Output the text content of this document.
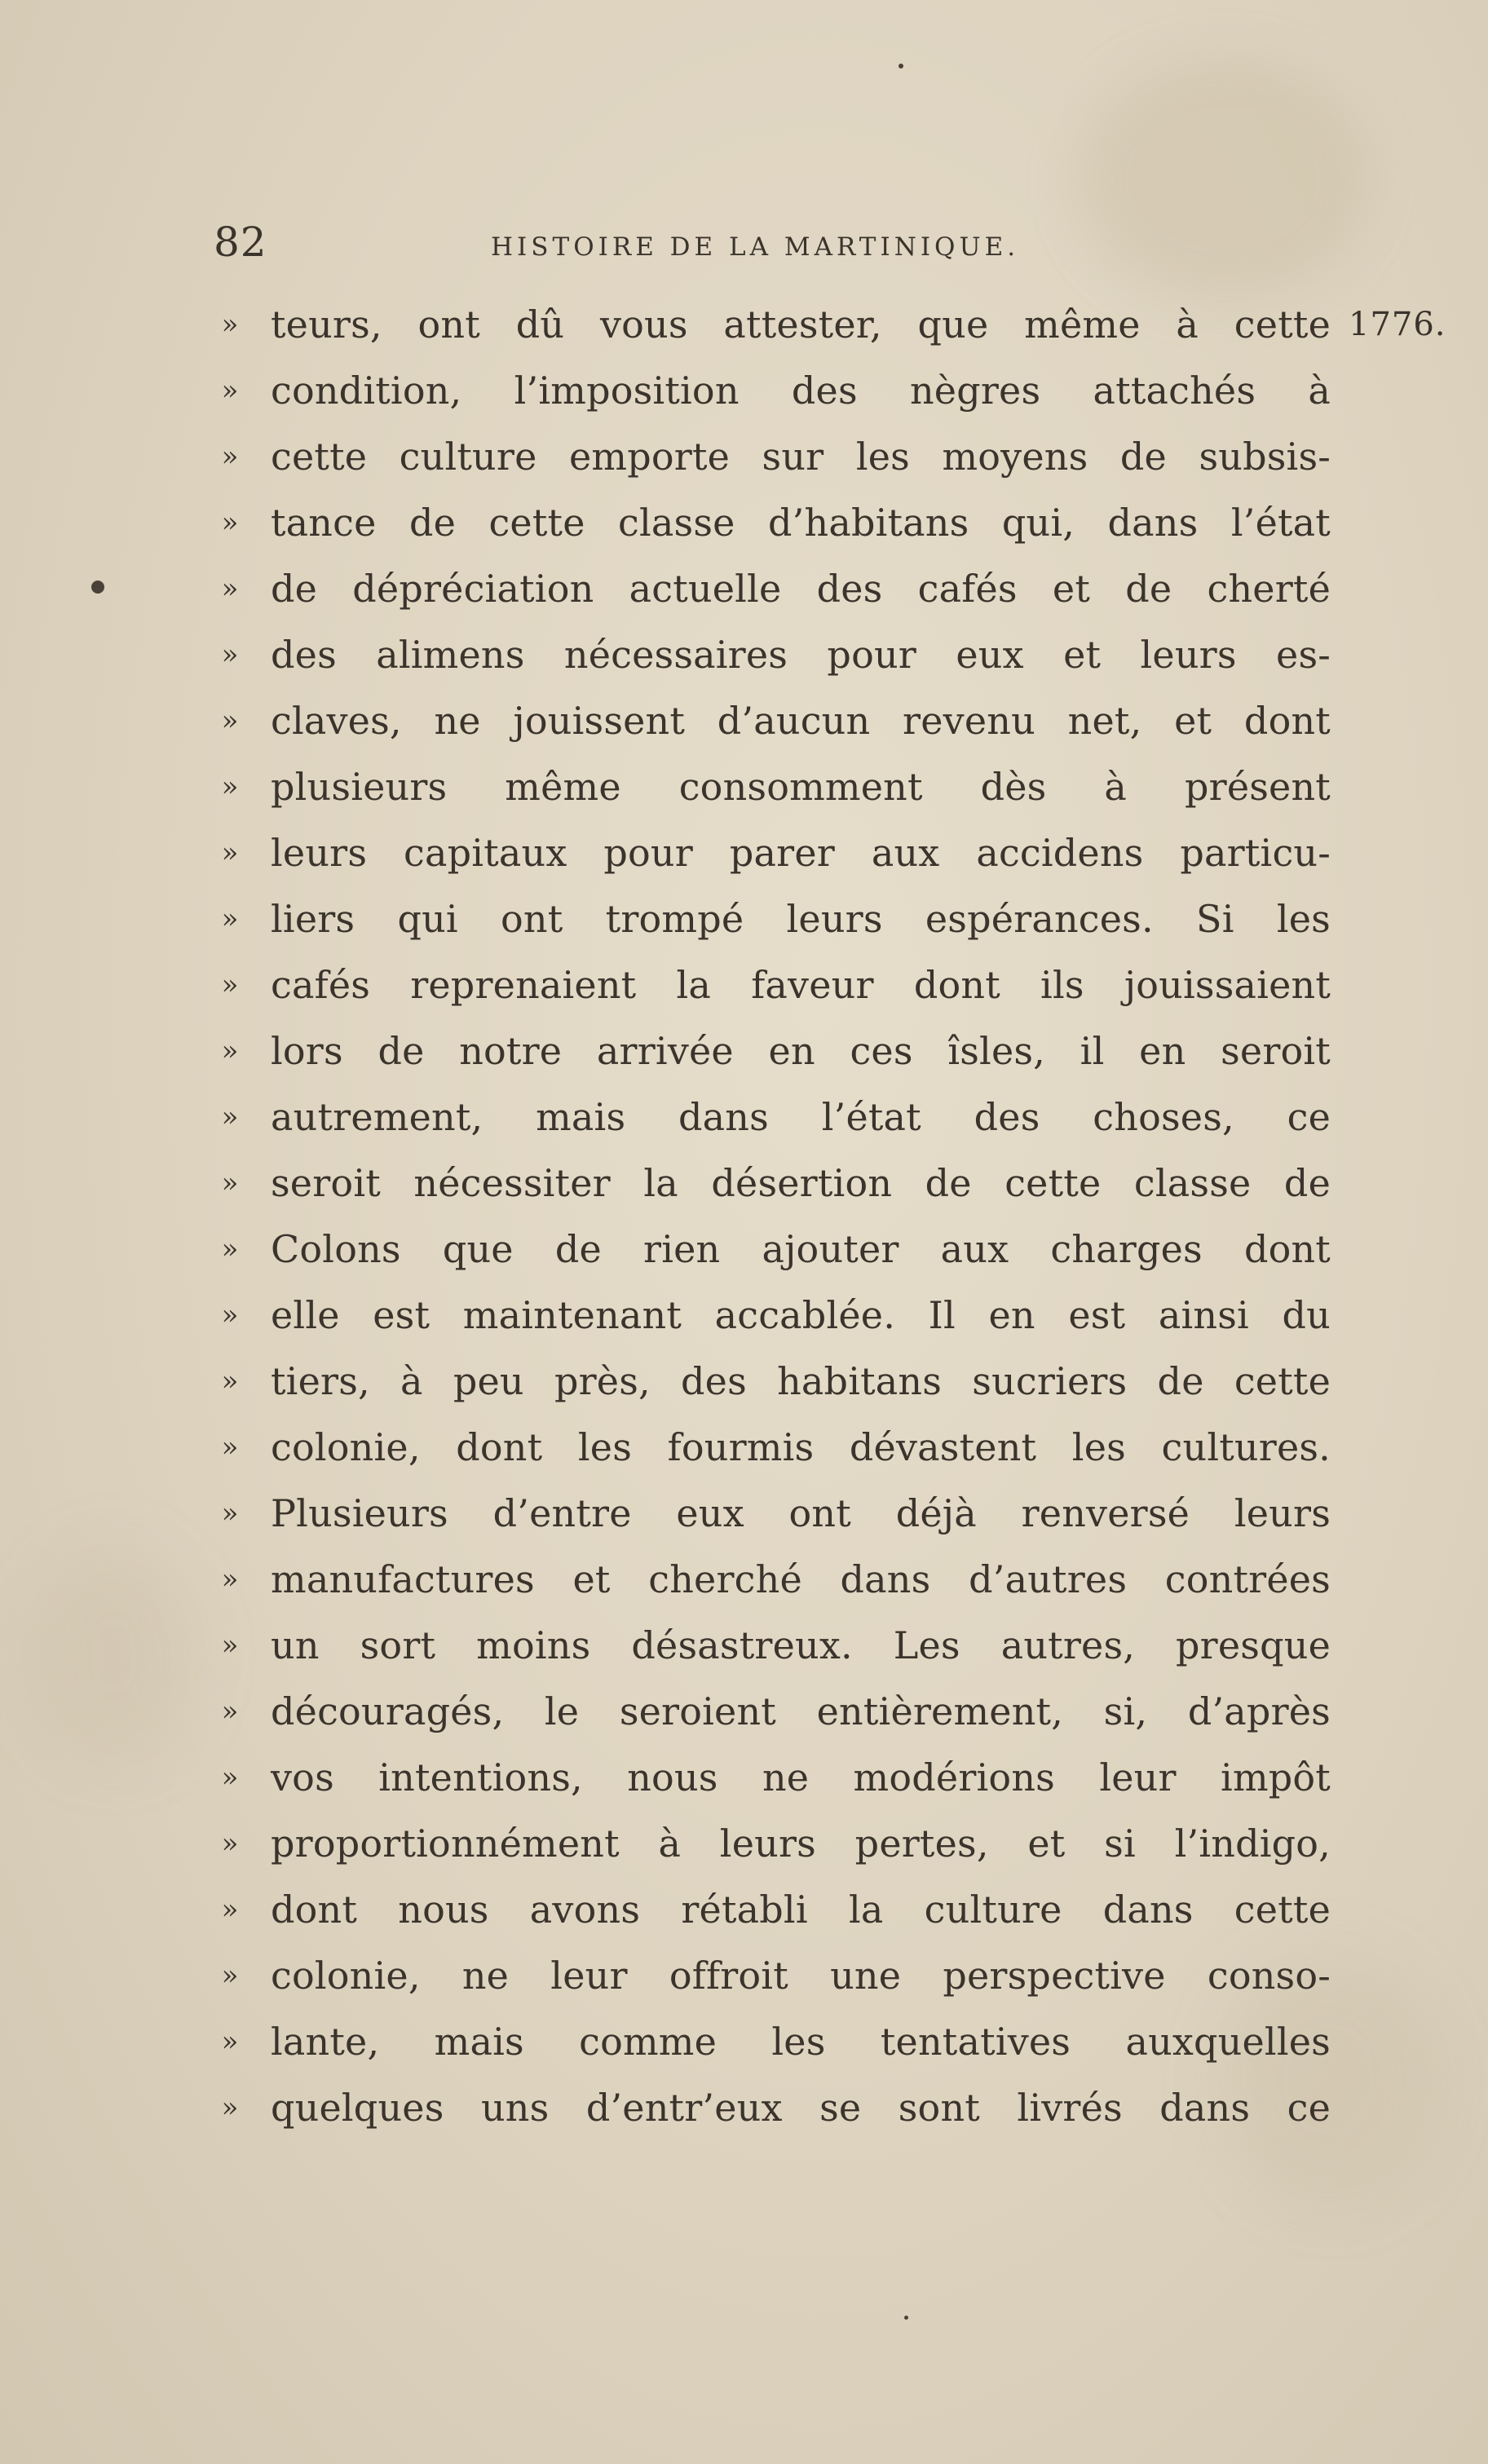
82	HISTOIRE DE LA MARTINIQUE.
1776.
» teurs, ont dû vous attester, que même à cette
» condition, l’imposition des nègres attachés à
» cette culture emporte sur les moyens de subsis-
» tance de cette classe d’habitans qui, dans l’état
» de dépréciation actuelle des cafés et de cherté
» des alimens nécessaires pour eux et leurs es-
» claves, ne jouissent d’aucun revenu net, et dont
» plusieurs même consomment dès à présent
» leurs capitaux pour parer aux accidens particu-
» liers qui ont trompé leurs espérances. Si les
» cafés reprenaient la faveur dont ils jouissaient
» lors de notre arrivée en ces îsles, il en seroit
» autrement, mais dans l’état des choses, ce
» seroit nécessiter la désertion de cette classe de
» Colons que de rien ajouter aux charges dont
» elle est maintenant accablée. Il en est ainsi du
» tiers, à peu près, des habitans sucriers de cette
» colonie, dont les fourmis dévastent les cultures.
» Plusieurs d’entre eux ont déjà renversé leurs
» manufactures et cherché dans d’autres contrées
» un sort moins désastreux. Les autres, presque
» découragés, le seroient entièrement, si, d’après
» vos intentions, nous ne modérions leur impôt
» proportionnément à leurs pertes, et si l’indigo,
» dont nous avons rétabli la culture dans cette
» colonie, ne leur offroit une perspective conso-
» lante, mais comme les tentatives auxquelles
» quelques uns d’entr’eux se sont livrés dans ce
